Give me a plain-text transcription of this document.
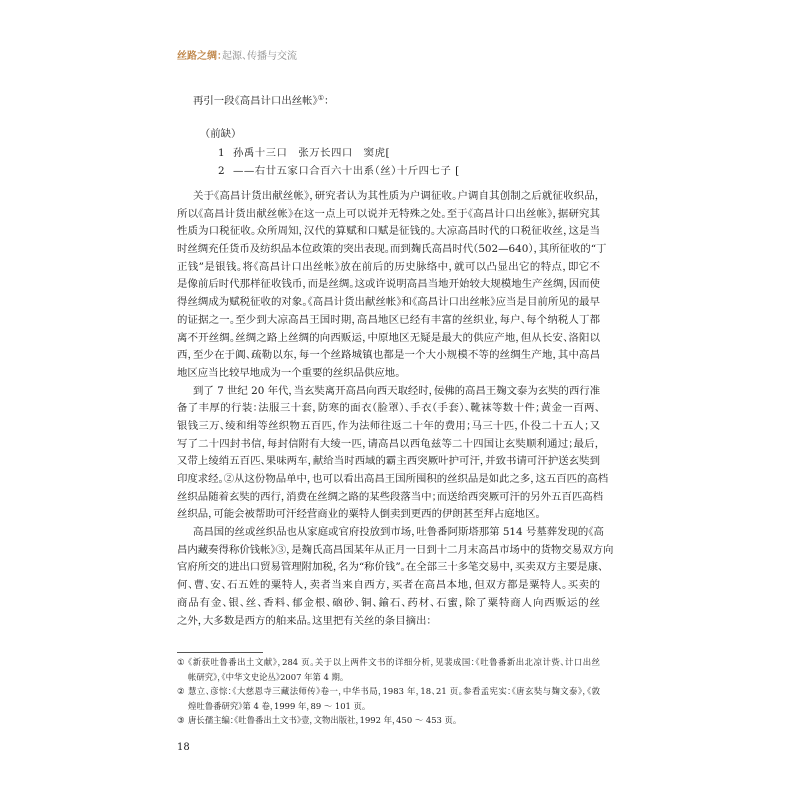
丝路之绸：起源、传播与交流
再引一段《高昌计口出丝帐》①：
（前缺）
1 孙禹十三口　张万长四口　窦虎[
2 ——右廿五家口合百六十出系（丝）十斤四七子 [
关于《高昌计货出献丝帐》，研究者认为其性质为户调征收。户调自其创制之后就征收织品，
所以《高昌计货出献丝帐》在这一点上可以说并无特殊之处。至于《高昌计口出丝帐》，据研究其
性质为口税征收。众所周知，汉代的算赋和口赋是征钱的。大凉高昌时代的口税征收丝，这是当
时丝绸充任货币及纺织品本位政策的突出表现。而到麹氏高昌时代（502—640），其所征收的“丁
正钱”是银钱。将《高昌计口出丝帐》放在前后的历史脉络中，就可以凸显出它的特点，即它不
是像前后时代那样征收钱币，而是丝绸。这或许说明高昌当地开始较大规模地生产丝绸，因而使
得丝绸成为赋税征收的对象。《高昌计货出献丝帐》和《高昌计口出丝帐》应当是目前所见的最早
的证据之一。至少到大凉高昌王国时期，高昌地区已经有丰富的丝织业，每户、每个纳税人丁都
离不开丝绸。丝绸之路上丝绸的向西贩运，中原地区无疑是最大的供应产地，但从长安、洛阳以
西，至少在于阗、疏勒以东，每一个丝路城镇也都是一个大小规模不等的丝绸生产地，其中高昌
地区应当比较早地成为一个重要的丝织品供应地。
到了 7 世纪 20 年代，当玄奘离开高昌向西天取经时，佞佛的高昌王麹文泰为玄奘的西行准
备了丰厚的行装：法服三十套，防寒的面衣（脸罩）、手衣（手套）、靴袜等数十件；黄金一百两、
银钱三万、绫和绢等丝织物五百匹，作为法师往返二十年的费用；马三十匹，仆役二十五人；又
写了二十四封书信，每封信附有大绫一匹，请高昌以西龟兹等二十四国让玄奘顺利通过；最后，
又带上绫绡五百匹、果味两车，献给当时西域的霸主西突厥叶护可汗，并致书请可汗护送玄奘到
印度求经。②从这份物品单中，也可以看出高昌王国所囤积的丝织品是如此之多，这五百匹的高档
丝织品随着玄奘的西行，消费在丝绸之路的某些段落当中；而送给西突厥可汗的另外五百匹高档
丝织品，可能会被帮助可汗经营商业的粟特人倒卖到更西的伊朗甚至拜占庭地区。
高昌国的丝或丝织品也从家庭或官府投放到市场，吐鲁番阿斯塔那第 514 号墓葬发现的《高
昌内藏奏得称价钱帐》③，是麹氏高昌国某年从正月一日到十二月末高昌市场中的货物交易双方向
官府所交的进出口贸易管理附加税，名为“称价钱”。在全部三十多笔交易中，买卖双方主要是康、
何、曹、安、石五姓的粟特人，卖者当来自西方，买者在高昌本地，但双方都是粟特人。买卖的
商品有金、银、丝、香料、郁金根、硇砂、铜、鍮石、药材、石蜜，除了粟特商人向西贩运的丝
之外，大多数是西方的舶来品。这里把有关丝的条目摘出：
① 《新获吐鲁番出土文献》，284 页。关于以上两件文书的详细分析，见裴成国：《吐鲁番新出北凉计赀、计口出丝
帐研究》，《中华文史论丛》2007 年第 4 期。
② 慧立、彦悰：《大慈恩寺三藏法师传》卷一，中华书局，1983 年，18、21 页。参看孟宪实：《唐玄奘与麹文泰》，《敦
煌吐鲁番研究》第 4 卷，1999 年，89 ～ 101 页。
③ 唐长孺主编：《吐鲁番出土文书》壹，文物出版社，1992 年，450 ～ 453 页。
18
